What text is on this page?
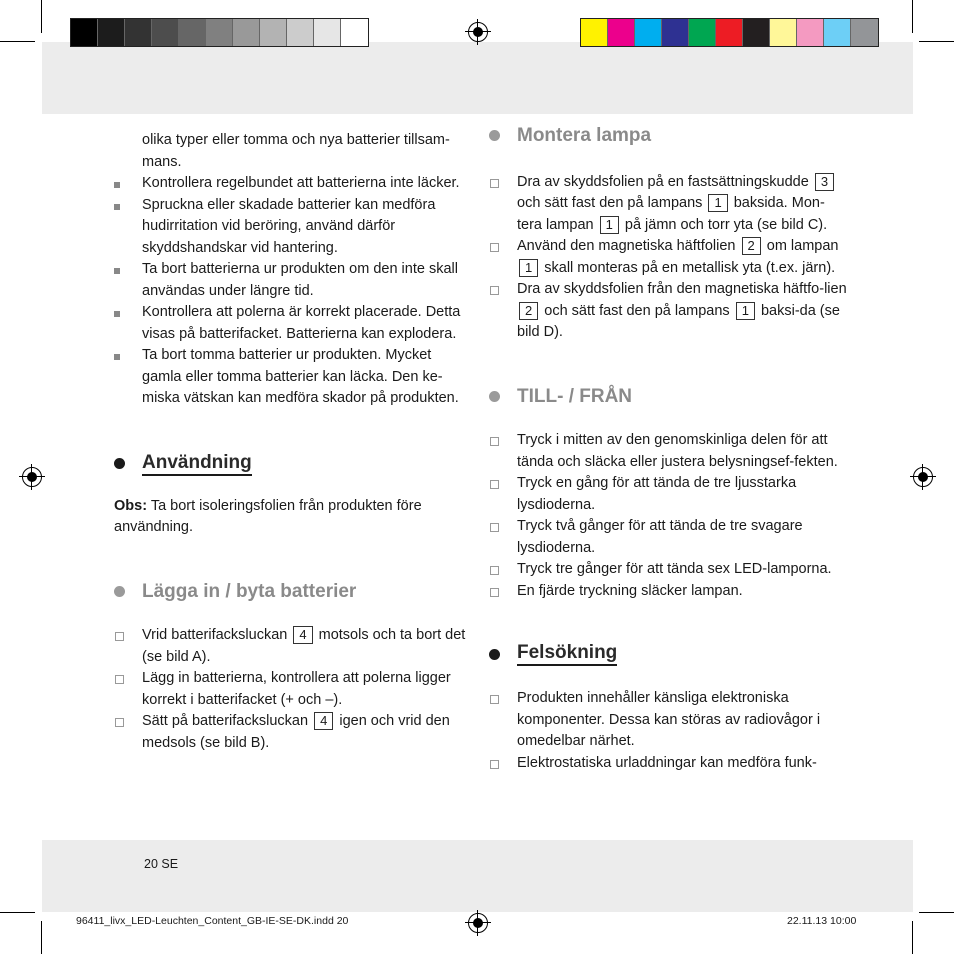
olika typer eller tomma och nya batterier tillsam-mans.
Kontrollera regelbundet att batterierna inte läcker.
Spruckna eller skadade batterier kan medföra hudirritation vid beröring, använd därför skyddshandskar vid hantering.
Ta bort batterierna ur produkten om den inte skall användas under längre tid.
Kontrollera att polerna är korrekt placerade. Detta visas på batterifacket. Batterierna kan explodera.
Ta bort tomma batterier ur produkten. Mycket gamla eller tomma batterier kan läcka. Den ke-miska vätskan kan medföra skador på produkten.
Användning
Obs: Ta bort isoleringsfolien från produkten före användning.
Lägga in / byta batterier
Vrid batterifacksluckan 4 motsols och ta bort det (se bild A).
Lägg in batterierna, kontrollera att polerna ligger korrekt i batterifacket (+ och –).
Sätt på batterifacksluckan 4 igen och vrid den medsols (se bild B).
Montera lampa
Dra av skyddsfolien på en fastsättningskudde 3 och sätt fast den på lampans 1 baksida. Mon-tera lampan 1 på jämn och torr yta (se bild C).
Använd den magnetiska häftfolien 2 om lampan 1 skall monteras på en metallisk yta (t.ex. järn).
Dra av skyddsfolien från den magnetiska häftfo-lien 2 och sätt fast den på lampans 1 baksi-da (se bild D).
TILL- / FRÅN
Tryck i mitten av den genomskinliga delen för att tända och släcka eller justera belysningsef-fekten.
Tryck en gång för att tända de tre ljusstarka lysdioderna.
Tryck två gånger för att tända de tre svagare lysdioderna.
Tryck tre gånger för att tända sex LED-lamporna.
En fjärde tryckning släcker lampan.
Felsökning
Produkten innehåller känsliga elektroniska komponenter. Dessa kan störas av radiovågor i omedelbar närhet.
Elektrostatiska urladdningar kan medföra funk-
20 SE
96411_livx_LED-Leuchten_Content_GB-IE-SE-DK.indd 20	22.11.13 10:00
